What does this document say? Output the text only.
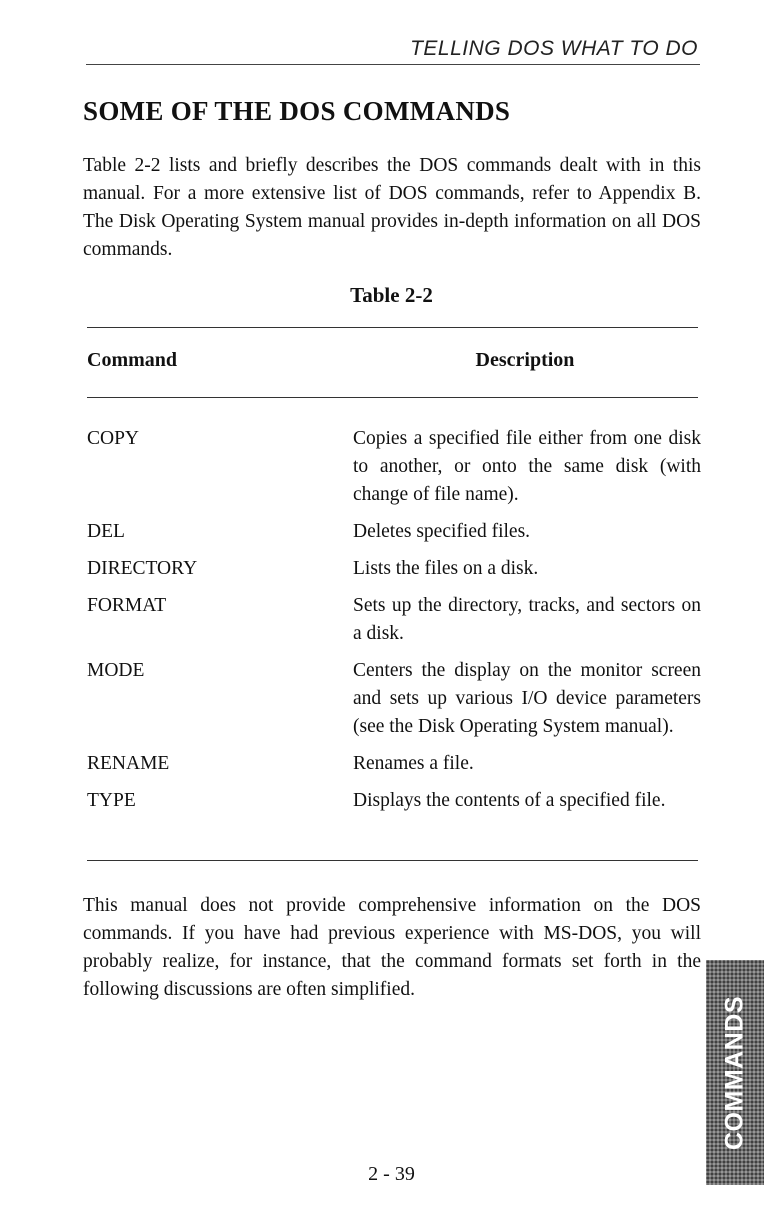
TELLING DOS WHAT TO DO
SOME OF THE DOS COMMANDS

Table 2-2 lists and briefly describes the DOS commands dealt with in this manual. For a more extensive list of DOS commands, refer to Appendix B. The Disk Operating System manual provides in-depth information on all DOS commands.

Table 2-2

Command	Description
COPY	Copies a specified file either from one disk to another, or onto the same disk (with change of file name).
DEL	Deletes specified files.
DIRECTORY	Lists the files on a disk.
FORMAT	Sets up the directory, tracks, and sectors on a disk.
MODE	Centers the display on the monitor screen and sets up various I/O device parameters (see the Disk Operating System manual).
RENAME	Renames a file.
TYPE	Displays the contents of a specified file.

This manual does not provide comprehensive information on the DOS commands. If you have had previous experience with MS-DOS, you will probably realize, for instance, that the command formats set forth in the following discussions are often simplified.

COMMANDS

2 - 39
